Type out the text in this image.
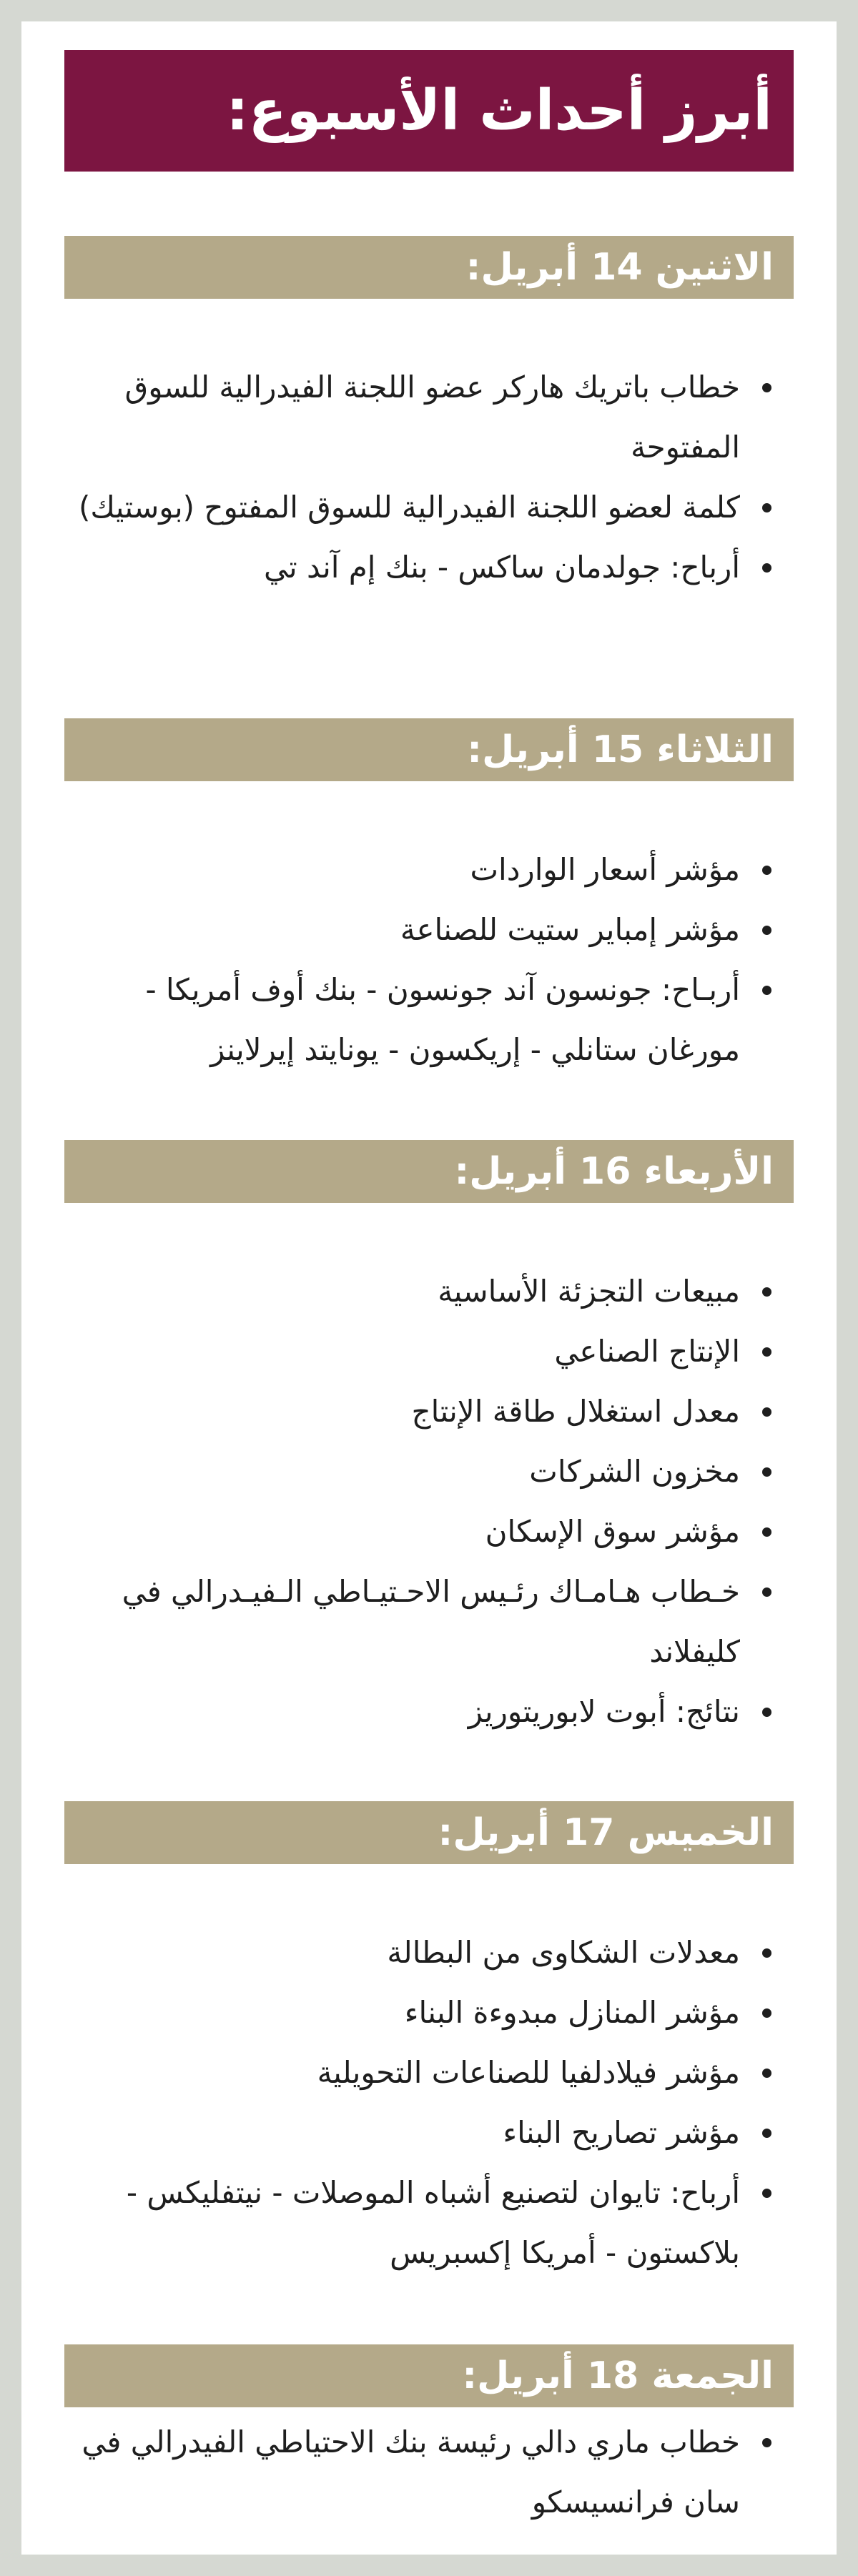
أبرز أحداث الأسبوع:
الاثنين 14 أبريل:
خطاب باتريك هاركر عضو اللجنة الفيدرالية للسوق المفتوحة
كلمة لعضو اللجنة الفيدرالية للسوق المفتوح (بوستيك)
أرباح: جولدمان ساكس - بنك إم آند تي
الثلاثاء 15 أبريل:
مؤشر أسعار الواردات
مؤشر إمباير ستيت للصناعة
أربـاح: جونسون آند جونسون - بنك أوف أمريكا - مورغان ستانلي - إريكسون - يونايتد إيرلاينز
الأربعاء 16 أبريل:
مبيعات التجزئة الأساسية
الإنتاج الصناعي
معدل استغلال طاقة الإنتاج
مخزون الشركات
مؤشر سوق الإسكان
خـطاب هـامـاك رئـيس الاحـتيـاطي الـفيـدرالي في كليفلاند
نتائج: أبوت لابوريتوريز
الخميس 17 أبريل:
معدلات الشكاوى من البطالة
مؤشر المنازل مبدوءة البناء
مؤشر فيلادلفيا للصناعات التحويلية
مؤشر تصاريح البناء
أرباح: تايوان لتصنيع أشباه الموصلات - نيتفليكس - بلاكستون - أمريكا إكسبريس
الجمعة 18 أبريل:
خطاب ماري دالي رئيسة بنك الاحتياطي الفيدرالي في سان فرانسيسكو
